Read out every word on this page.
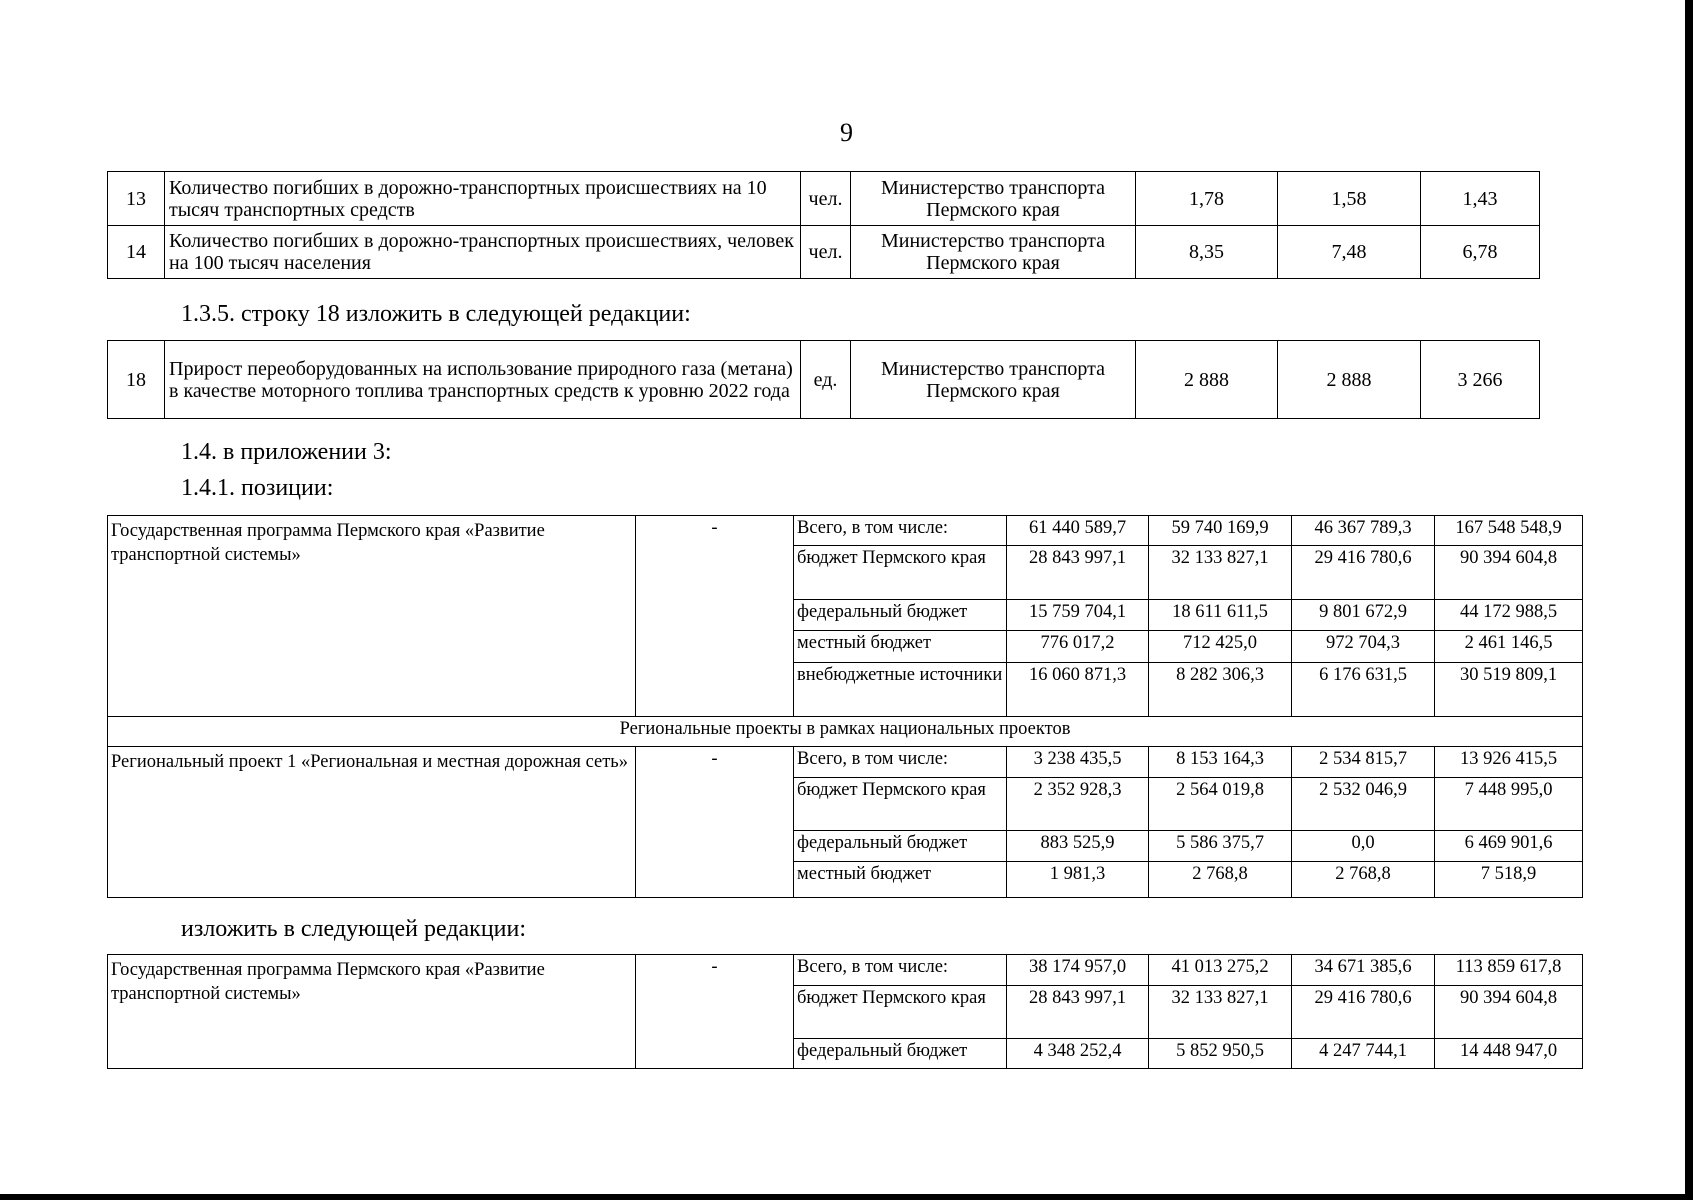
9
13	Количество погибших в дорожно-транспортных происшествиях на 10 тысяч транспортных средств	чел.	Министерство транспорта Пермского края	1,78	1,58	1,43
14	Количество погибших в дорожно-транспортных происшествиях, человек на 100 тысяч населения	чел.	Министерство транспорта Пермского края	8,35	7,48	6,78
1.3.5. строку 18 изложить в следующей редакции:
18	Прирост переоборудованных на использование природного газа (метана) в качестве моторного топлива транспортных средств к уровню 2022 года	ед.	Министерство транспорта Пермского края	2 888	2 888	3 266
1.4. в приложении 3:
1.4.1. позиции:
Государственная программа Пермского края «Развитие транспортной системы»	-	Всего, в том числе:	61 440 589,7	59 740 169,9	46 367 789,3	167 548 548,9
		бюджет Пермского края	28 843 997,1	32 133 827,1	29 416 780,6	90 394 604,8
		федеральный бюджет	15 759 704,1	18 611 611,5	9 801 672,9	44 172 988,5
		местный бюджет	776 017,2	712 425,0	972 704,3	2 461 146,5
		внебюджетные источники	16 060 871,3	8 282 306,3	6 176 631,5	30 519 809,1
Региональные проекты в рамках национальных проектов						
Региональный проект 1 «Региональная и местная дорожная сеть»	-	Всего, в том числе:	3 238 435,5	8 153 164,3	2 534 815,7	13 926 415,5
		бюджет Пермского края	2 352 928,3	2 564 019,8	2 532 046,9	7 448 995,0
		федеральный бюджет	883 525,9	5 586 375,7	0,0	6 469 901,6
		местный бюджет	1 981,3	2 768,8	2 768,8	7 518,9
изложить в следующей редакции:
Государственная программа Пермского края «Развитие транспортной системы»	-	Всего, в том числе:	38 174 957,0	41 013 275,2	34 671 385,6	113 859 617,8
		бюджет Пермского края	28 843 997,1	32 133 827,1	29 416 780,6	90 394 604,8
		федеральный бюджет	4 348 252,4	5 852 950,5	4 247 744,1	14 448 947,0
